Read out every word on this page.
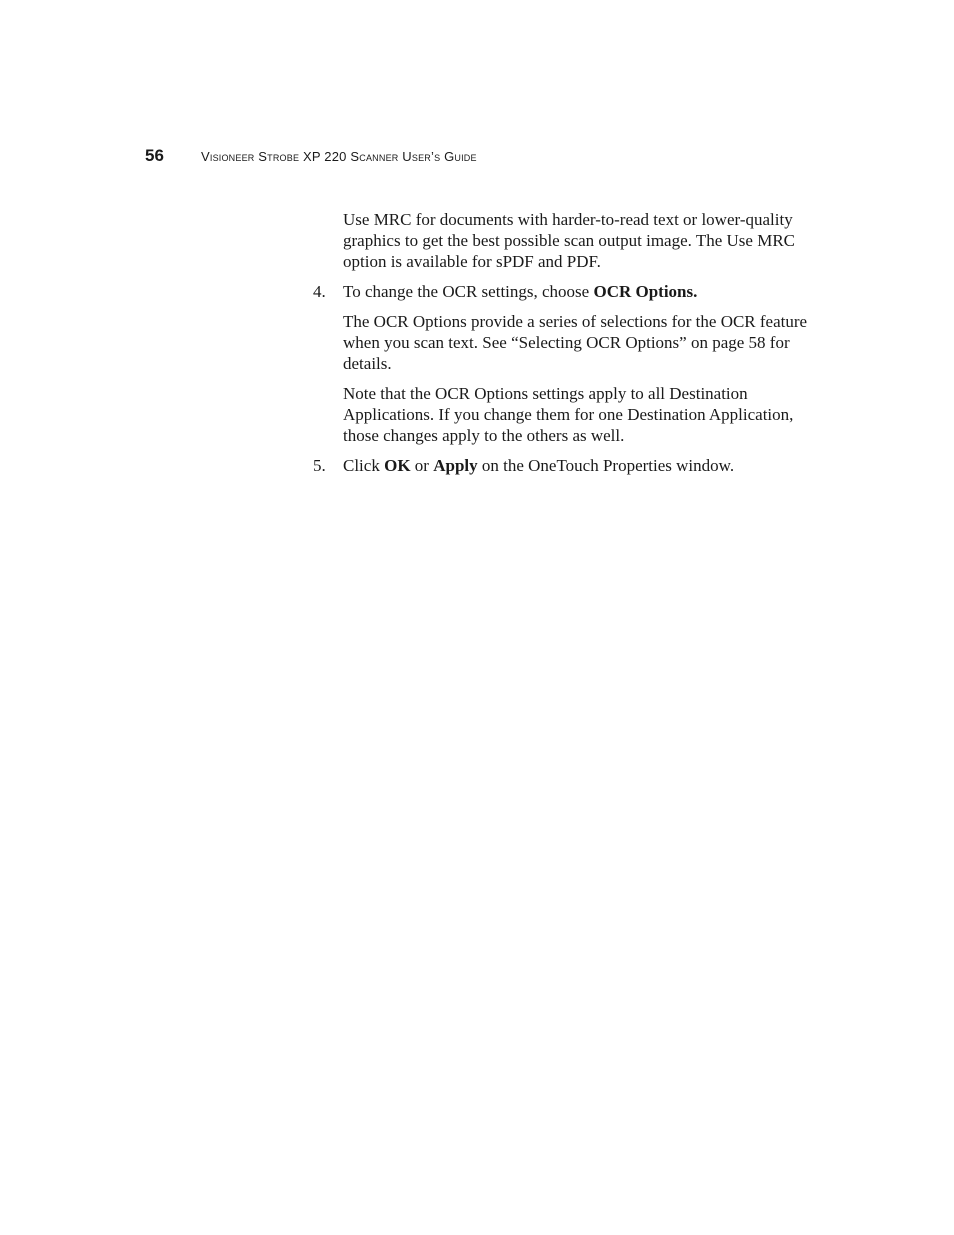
56	Visioneer Strobe XP 220 Scanner User’s Guide

Use MRC for documents with harder-to-read text or lower-quality graphics to get the best possible scan output image. The Use MRC option is available for sPDF and PDF.

4. To change the OCR settings, choose OCR Options.

The OCR Options provide a series of selections for the OCR feature when you scan text. See “Selecting OCR Options” on page 58 for details.

Note that the OCR Options settings apply to all Destination Applications. If you change them for one Destination Application, those changes apply to the others as well.

5. Click OK or Apply on the OneTouch Properties window.
